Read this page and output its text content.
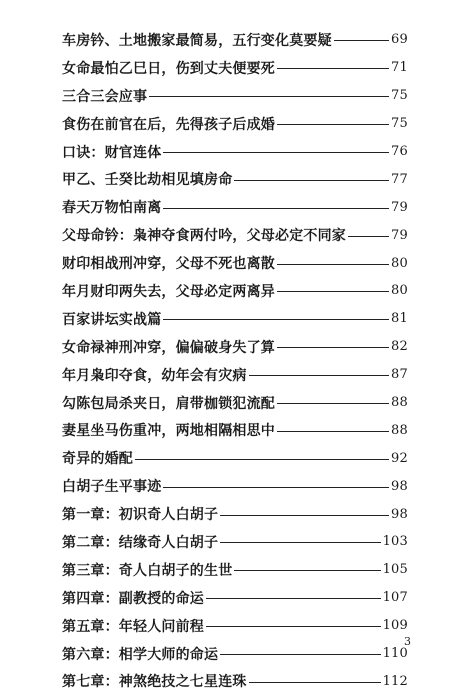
车房钤、土地搬家最简易，五行变化莫要疑	69
女命最怕乙巳日，伤到丈夫便要死	71
三合三会应事	75
食伤在前官在后，先得孩子后成婚	75
口诀：财官连体	76
甲乙、壬癸比劫相见填房命	77
春天万物怕南离	79
父母命钤：枭神夺食两付吟，父母必定不同家	79
财印相战刑冲穿，父母不死也离散	80
年月财印两失去，父母必定两离异	80
百家讲坛实战篇	81
女命禄神刑冲穿，偏偏破身失了算	82
年月枭印夺食，幼年会有灾病	87
勾陈包局杀夹日，肩带枷锁犯流配	88
妻星坐马伤重冲，两地相隔相思中	88
奇异的婚配	92
白胡子生平事迹	98
第一章：初识奇人白胡子	98
第二章：结缘奇人白胡子	103
第三章：奇人白胡子的生世	105
第四章：副教授的命运	107
第五章：年轻人问前程	109
第六章：相学大师的命运	110
第七章：神煞绝技之七星连珠	112
3
